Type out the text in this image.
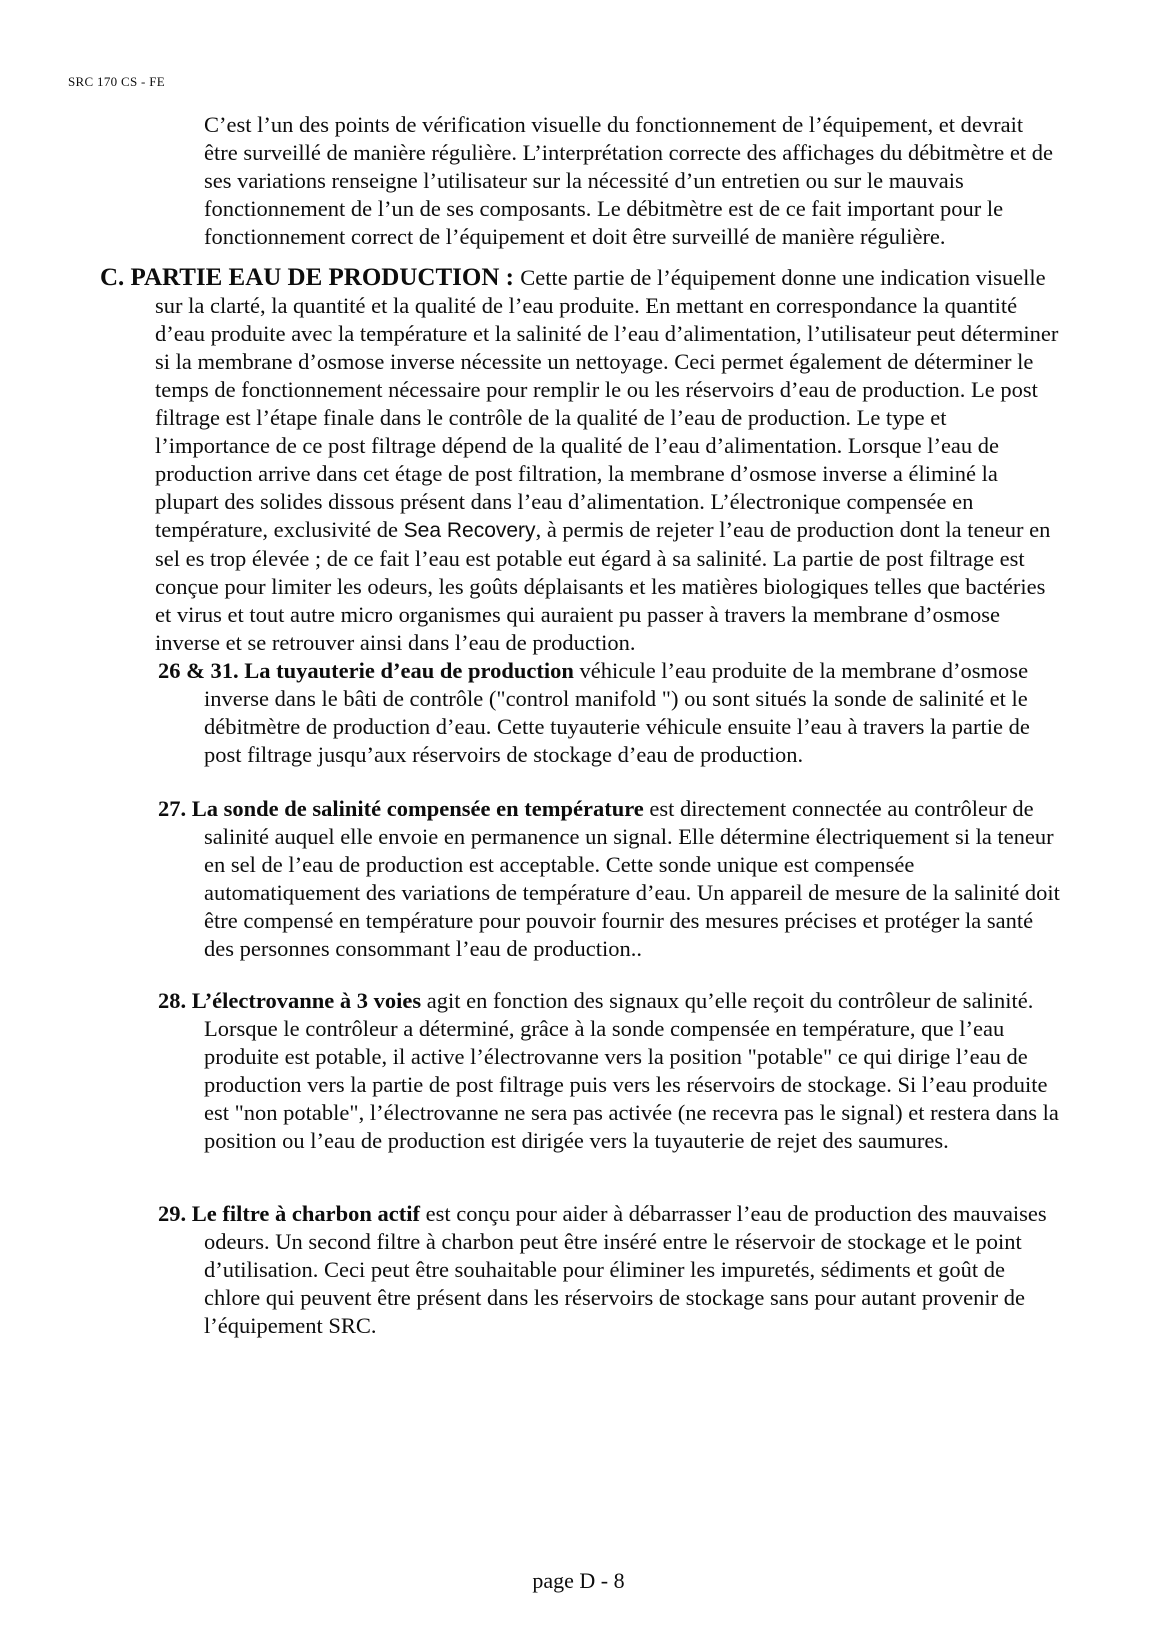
SRC 170 CS - FE

C’est l’un des points de vérification visuelle du fonctionnement de l’équipement, et devrait être surveillé de manière régulière. L’interprétation correcte des affichages du débitmètre et de ses variations renseigne l’utilisateur sur la nécessité d’un entretien ou sur le mauvais fonctionnement de l’un de ses composants. Le débitmètre est de ce fait important pour le fonctionnement correct de l’équipement et doit être surveillé de manière régulière.

C. PARTIE EAU DE PRODUCTION : Cette partie de l’équipement donne une indication visuelle sur la clarté, la quantité et la qualité de l’eau produite. En mettant en correspondance la quantité d’eau produite avec la température et la salinité de l’eau d’alimentation, l’utilisateur peut déterminer si la membrane d’osmose inverse nécessite un nettoyage. Ceci permet également de déterminer le temps de fonctionnement nécessaire pour remplir le ou les réservoirs d’eau de production. Le post filtrage est l’étape finale dans le contrôle de la qualité de l’eau de production. Le type et l’importance de ce post filtrage dépend de la qualité de l’eau d’alimentation. Lorsque l’eau de production arrive dans cet étage de post filtration, la membrane d’osmose inverse a éliminé la plupart des solides dissous présent dans l’eau d’alimentation. L’électronique compensée en température, exclusivité de Sea Recovery, à permis de rejeter l’eau de production dont la teneur en sel es trop élevée ; de ce fait l’eau est potable eut égard à sa salinité. La partie de post filtrage est conçue pour limiter les odeurs, les goûts déplaisants et les matières biologiques telles que bactéries et virus et tout autre micro organismes qui auraient pu passer à travers la membrane d’osmose inverse et se retrouver ainsi dans l’eau de production.
26 & 31. La tuyauterie d’eau de production véhicule l’eau produite de la membrane d’osmose inverse dans le bâti de contrôle ("control manifold ") ou sont situés la sonde de salinité et le débitmètre de production d’eau. Cette tuyauterie véhicule ensuite l’eau à travers la partie de post filtrage jusqu’aux réservoirs de stockage d’eau de production.
27. La sonde de salinité compensée en température est directement connectée au contrôleur de salinité auquel elle envoie en permanence un signal. Elle détermine électriquement si la teneur en sel de l’eau de production est acceptable. Cette sonde unique est compensée automatiquement des variations de température d’eau. Un appareil de mesure de la salinité doit être compensé en température pour pouvoir fournir des mesures précises et protéger la santé des personnes consommant l’eau de production..
28. L’électrovanne à 3 voies agit en fonction des signaux qu’elle reçoit du contrôleur de salinité. Lorsque le contrôleur a déterminé, grâce à la sonde compensée en température, que l’eau produite est potable, il active l’électrovanne vers la position "potable" ce qui dirige l’eau de production vers la partie de post filtrage puis vers les réservoirs de stockage. Si l’eau produite est "non potable", l’électrovanne ne sera pas activée (ne recevra pas le signal) et restera dans la position ou l’eau de production est dirigée vers la tuyauterie de rejet des saumures.
29. Le filtre à charbon actif est conçu pour aider à débarrasser l’eau de production des mauvaises odeurs. Un second filtre à charbon peut être inséré entre le réservoir de stockage et le point d’utilisation. Ceci peut être souhaitable pour éliminer les impuretés, sédiments et goût de chlore qui peuvent être présent dans les réservoirs de stockage sans pour autant provenir de l’équipement SRC.
page D - 8
